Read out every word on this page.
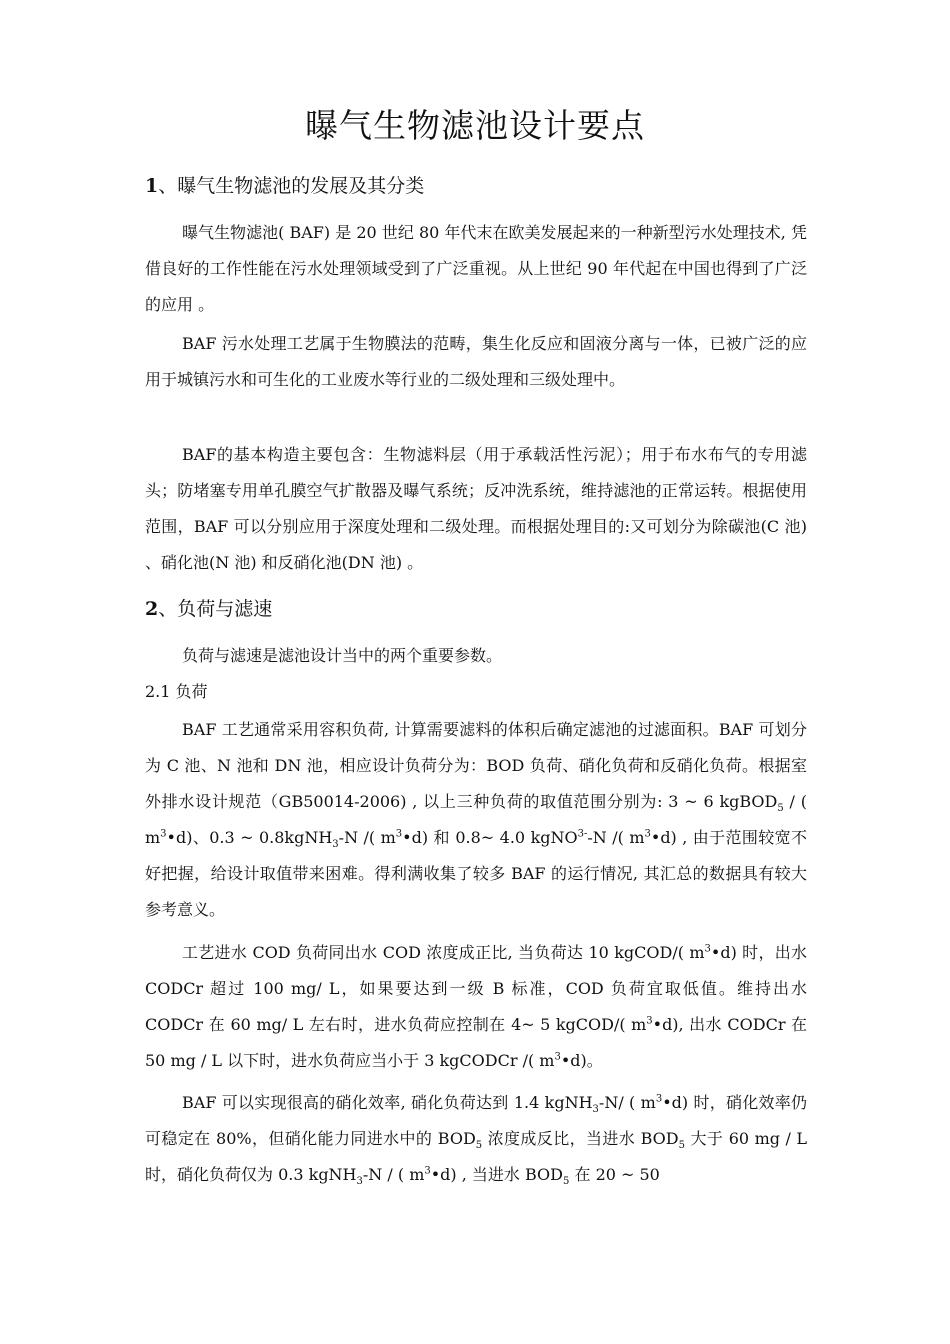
曝气生物滤池设计要点
1、曝气生物滤池的发展及其分类
曝气生物滤池( BAF) 是 20 世纪 80 年代末在欧美发展起来的一种新型污水处理技术, 凭借良好的工作性能在污水处理领域受到了广泛重视。从上世纪 90 年代起在中国也得到了广泛的应用 。
BAF 污水处理工艺属于生物膜法的范畴，集生化反应和固液分离与一体，已被广泛的应用于城镇污水和可生化的工业废水等行业的二级处理和三级处理中。
BAF的基本构造主要包含：生物滤料层（用于承载活性污泥）；用于布水布气的专用滤头；防堵塞专用单孔膜空气扩散器及曝气系统；反冲洗系统，维持滤池的正常运转。根据使用范围，BAF 可以分别应用于深度处理和二级处理。而根据处理目的:又可划分为除碳池(C 池) 、硝化池(N 池) 和反硝化池(DN 池) 。
2、负荷与滤速
负荷与滤速是滤池设计当中的两个重要参数。
2.1 负荷
BAF 工艺通常采用容积负荷, 计算需要滤料的体积后确定滤池的过滤面积。BAF 可划分为 C 池、N 池和 DN 池，相应设计负荷分为：BOD 负荷、硝化负荷和反硝化负荷。根据室外排水设计规范（GB50014-2006) , 以上三种负荷的取值范围分别为: 3 ~ 6 kgBOD$_5$ / ( $m^3•d$)、0.3 ~ 0.8kgNH$_3$-N /( $m^3•d$) 和 0.8~ 4.0 kgNO$^{3-}$-N /( $m^3•d$) , 由于范围较宽不好把握，给设计取值带来困难。得利满收集了较多 BAF 的运行情况, 其汇总的数据具有较大参考意义。
工艺进水 COD 负荷同出水 COD 浓度成正比, 当负荷达 10 kgCOD/( $m^3•d$) 时，出水 CODCr 超过 100 mg/ L，如果要达到一级 B 标准，COD 负荷宜取低值。维持出水 CODCr 在 60 mg/ L 左右时，进水负荷应控制在 4~ 5 kgCOD/( $m^3•d$), 出水 CODCr 在 50 mg / L 以下时，进水负荷应当小于 3 kgCODCr /( $m^3•d$)。
BAF 可以实现很高的硝化效率, 硝化负荷达到 1.4 kgNH$_3$-N/ ( $m^3•d$) 时，硝化效率仍可稳定在 80%，但硝化能力同进水中的 $BOD_5$ 浓度成反比，当进水 $BOD_5$ 大于 60 mg / L 时，硝化负荷仅为 0.3 kgNH$_3$-N / ( $m^3•d$) , 当进水 $BOD_5$ 在 20 ~ 50
